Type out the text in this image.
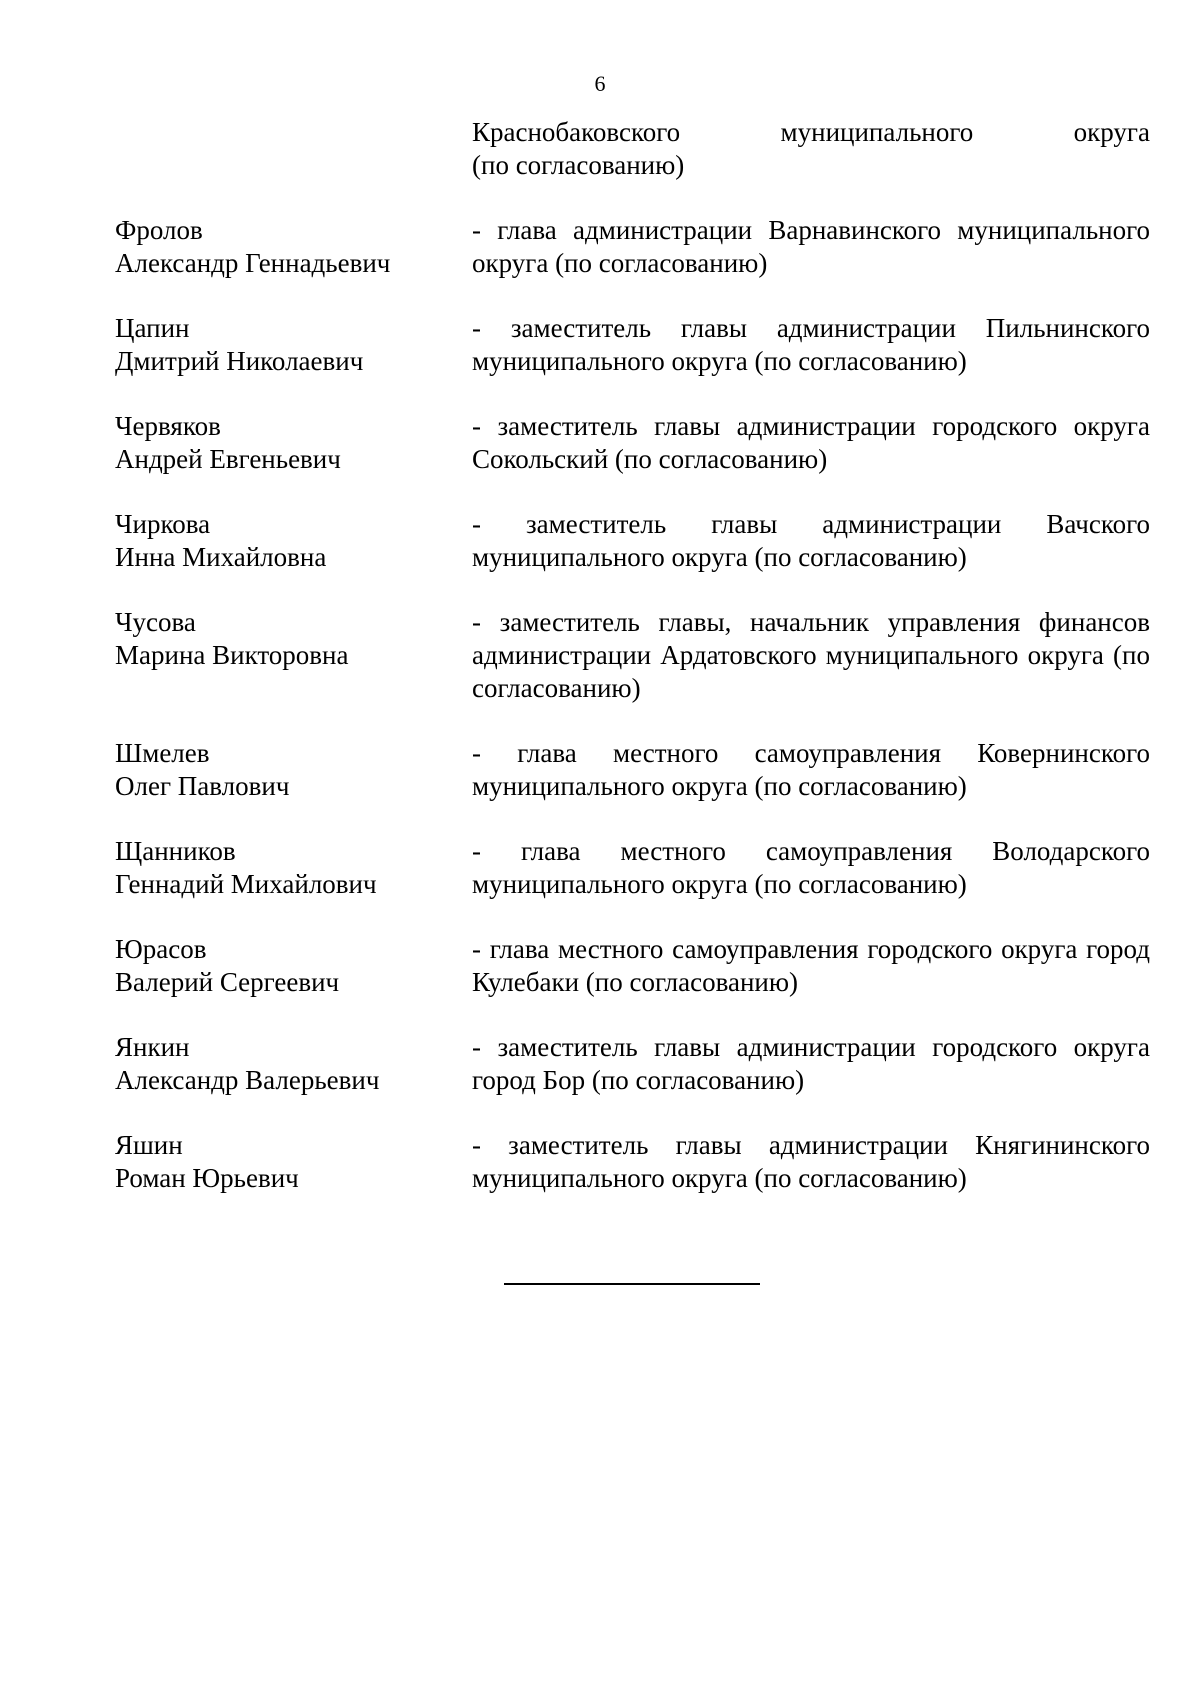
6
Краснобаковского муниципального округа
(по согласованию)
Фролов
Александр Геннадьевич
- глава администрации Варнавинского муниципального округа (по согласованию)
Цапин
Дмитрий Николаевич
- заместитель главы администрации Пильнинского муниципального округа (по согласованию)
Червяков
Андрей Евгеньевич
- заместитель главы администрации городского округа Сокольский (по согласованию)
Чиркова
Инна Михайловна
- заместитель главы администрации Вачского муниципального округа (по согласованию)
Чусова
Марина Викторовна
- заместитель главы, начальник управления финансов администрации Ардатовского муниципального округа (по согласованию)
Шмелев
Олег Павлович
- глава местного самоуправления Ковернинского муниципального округа (по согласованию)
Щанников
Геннадий Михайлович
- глава местного самоуправления Володарского муниципального округа (по согласованию)
Юрасов
Валерий Сергеевич
- глава местного самоуправления городского округа город Кулебаки (по согласованию)
Янкин
Александр Валерьевич
- заместитель главы администрации городского округа город Бор (по согласованию)
Яшин
Роман Юрьевич
- заместитель главы администрации Княгининского муниципального округа (по согласованию)
